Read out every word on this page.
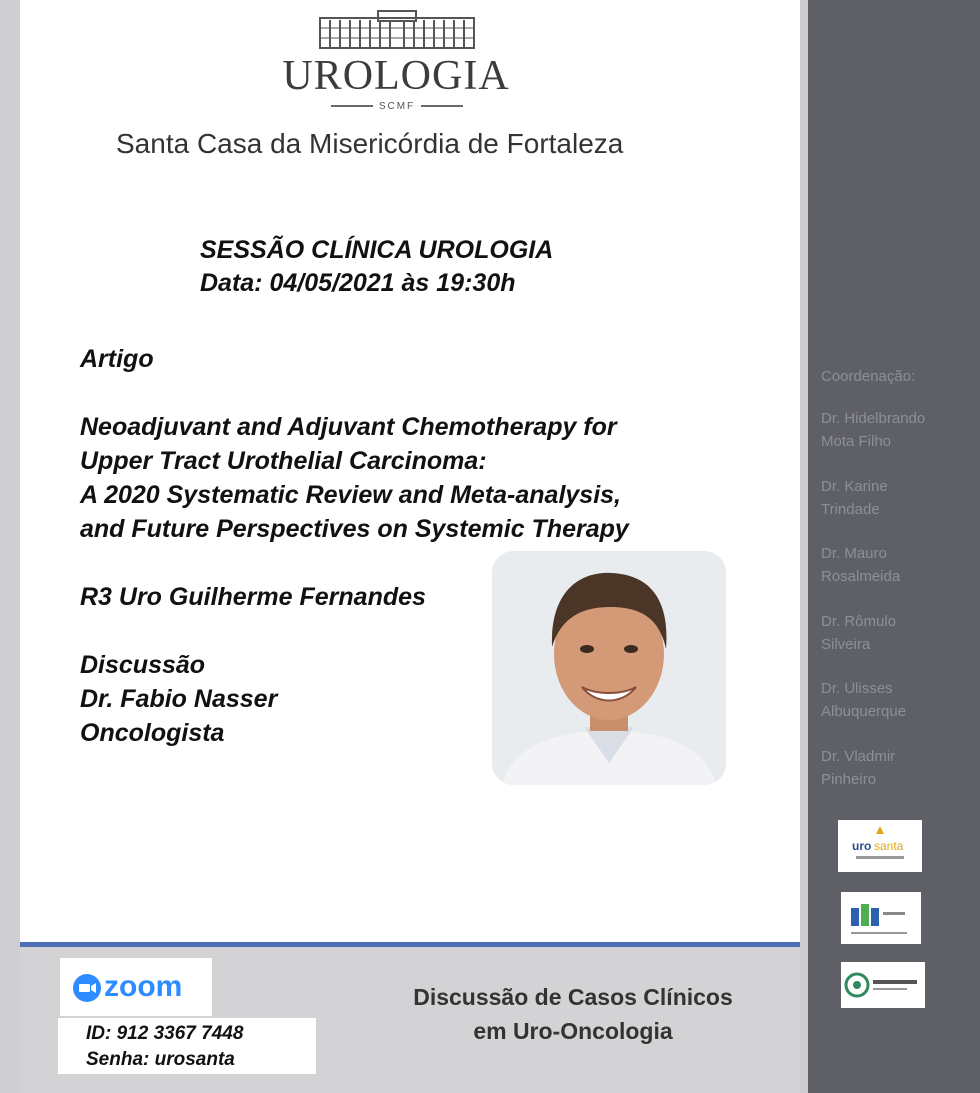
UROLOGIA
SCMF
Santa Casa da Misericórdia de Fortaleza
SESSÃO CLÍNICA UROLOGIA
Data: 04/05/2021 às 19:30h
Artigo
Neoadjuvant and Adjuvant Chemotherapy for
Upper Tract Urothelial Carcinoma:
A 2020 Systematic Review and Meta-analysis,
and Future Perspectives on Systemic Therapy
R3 Uro Guilherme Fernandes
Discussão
Dr. Fabio Nasser
Oncologista
Coordenação:
Dr. Hidelbrando
Mota Filho
Dr. Karine
Trindade
Dr. Mauro
Rosalmeida
Dr. Rômulo
Silveira
Dr. Ulisses
Albuquerque
Dr. Vladmir
Pinheiro
uro santa
zoom
ID: 912 3367 7448
Senha: urosanta
Discussão de Casos Clínicos
em Uro-Oncologia
